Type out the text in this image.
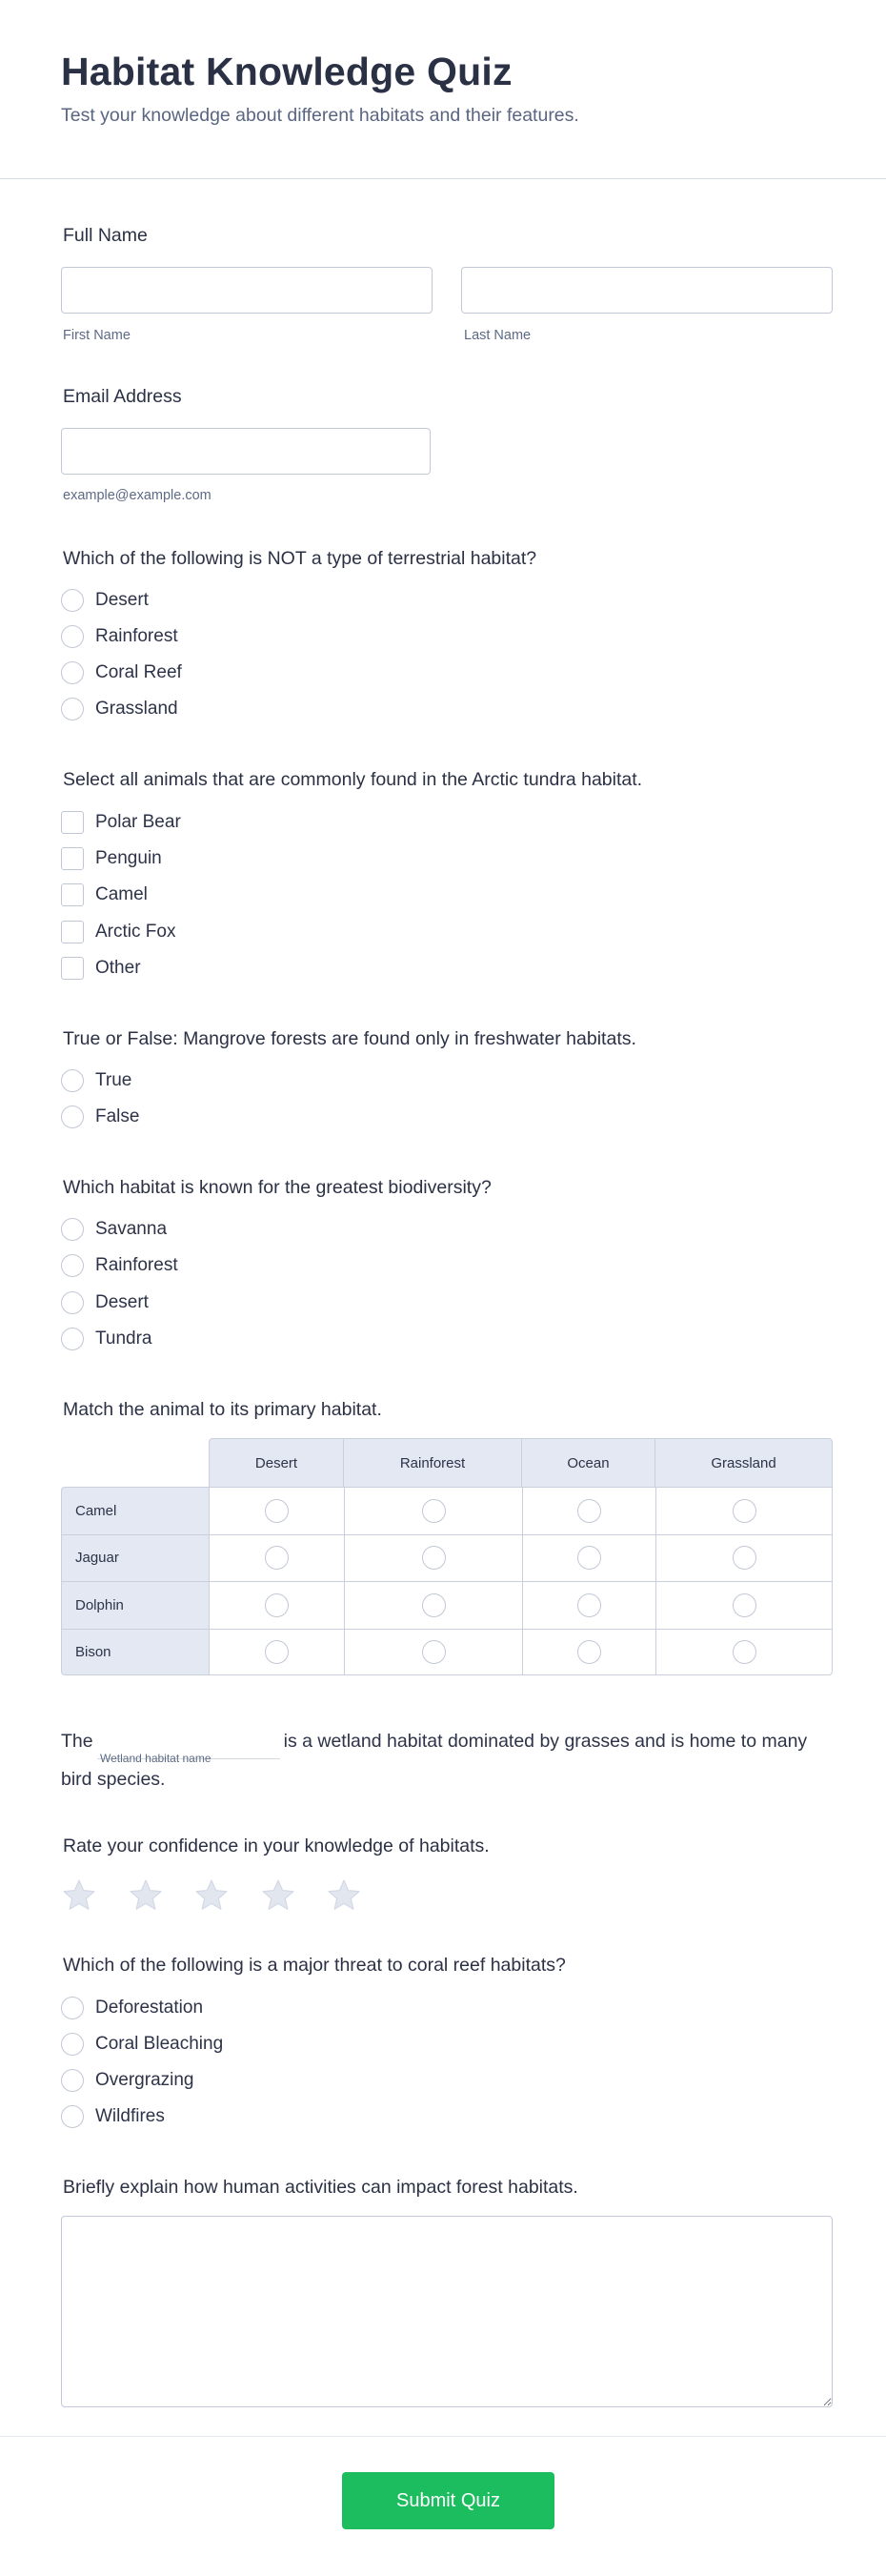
Habitat Knowledge Quiz
Test your knowledge about different habitats and their features.
Full Name
First Name	Last Name
Email Address
example@example.com
Which of the following is NOT a type of terrestrial habitat?
Desert
Rainforest
Coral Reef
Grassland
Select all animals that are commonly found in the Arctic tundra habitat.
Polar Bear
Penguin
Camel
Arctic Fox
Other
True or False: Mangrove forests are found only in freshwater habitats.
True
False
Which habitat is known for the greatest biodiversity?
Savanna
Rainforest
Desert
Tundra
Match the animal to its primary habitat.
Desert	Rainforest	Ocean	Grassland
Camel
Jaguar
Dolphin
Bison
The	is a wetland habitat dominated by grasses and is home to many bird species.
Wetland habitat name
Rate your confidence in your knowledge of habitats.
Which of the following is a major threat to coral reef habitats?
Deforestation
Coral Bleaching
Overgrazing
Wildfires
Briefly explain how human activities can impact forest habitats.
Submit Quiz
